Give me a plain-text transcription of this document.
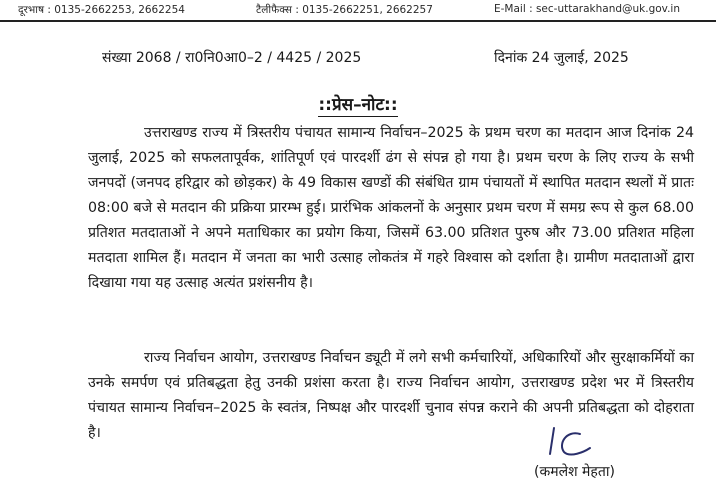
दूरभाष : 0135-2662253, 2662254	टैलीफैक्स : 0135-2662251, 2662257	E-Mail : sec-uttarakhand@uk.gov.in
संख्या 2068 / रा0नि0आ0–2 / 4425 / 2025	दिनांक 24 जुलाई, 2025
::प्रेस–नोट::

उत्तराखण्ड राज्य में त्रिस्तरीय पंचायत सामान्य निर्वाचन–2025 के प्रथम चरण का मतदान आज दिनांक 24 जुलाई, 2025 को सफलतापूर्वक, शांतिपूर्ण एवं पारदर्शी ढंग से संपन्न हो गया है। प्रथम चरण के लिए राज्य के सभी जनपदों (जनपद हरिद्वार को छोड़कर) के 49 विकास खण्डों की संबंधित ग्राम पंचायतों में स्थापित मतदान स्थलों में प्रातः 08:00 बजे से मतदान की प्रक्रिया प्रारम्भ हुई। प्रारंभिक आंकलनों के अनुसार प्रथम चरण में समग्र रूप से कुल 68.00 प्रतिशत मतदाताओं ने अपने मताधिकार का प्रयोग किया, जिसमें 63.00 प्रतिशत पुरुष और 73.00 प्रतिशत महिला मतदाता शामिल हैं। मतदान में जनता का भारी उत्साह लोकतंत्र में गहरे विश्वास को दर्शाता है। ग्रामीण मतदाताओं द्वारा दिखाया गया यह उत्साह अत्यंत प्रशंसनीय है।

राज्य निर्वाचन आयोग, उत्तराखण्ड निर्वाचन ड्यूटी में लगे सभी कर्मचारियों, अधिकारियों और सुरक्षाकर्मियों का उनके समर्पण एवं प्रतिबद्धता हेतु उनकी प्रशंसा करता है। राज्य निर्वाचन आयोग, उत्तराखण्ड प्रदेश भर में त्रिस्तरीय पंचायत सामान्य निर्वाचन–2025 के स्वतंत्र, निष्पक्ष और पारदर्शी चुनाव संपन्न कराने की अपनी प्रतिबद्धता को दोहराता है।

(कमलेश मेहता)
